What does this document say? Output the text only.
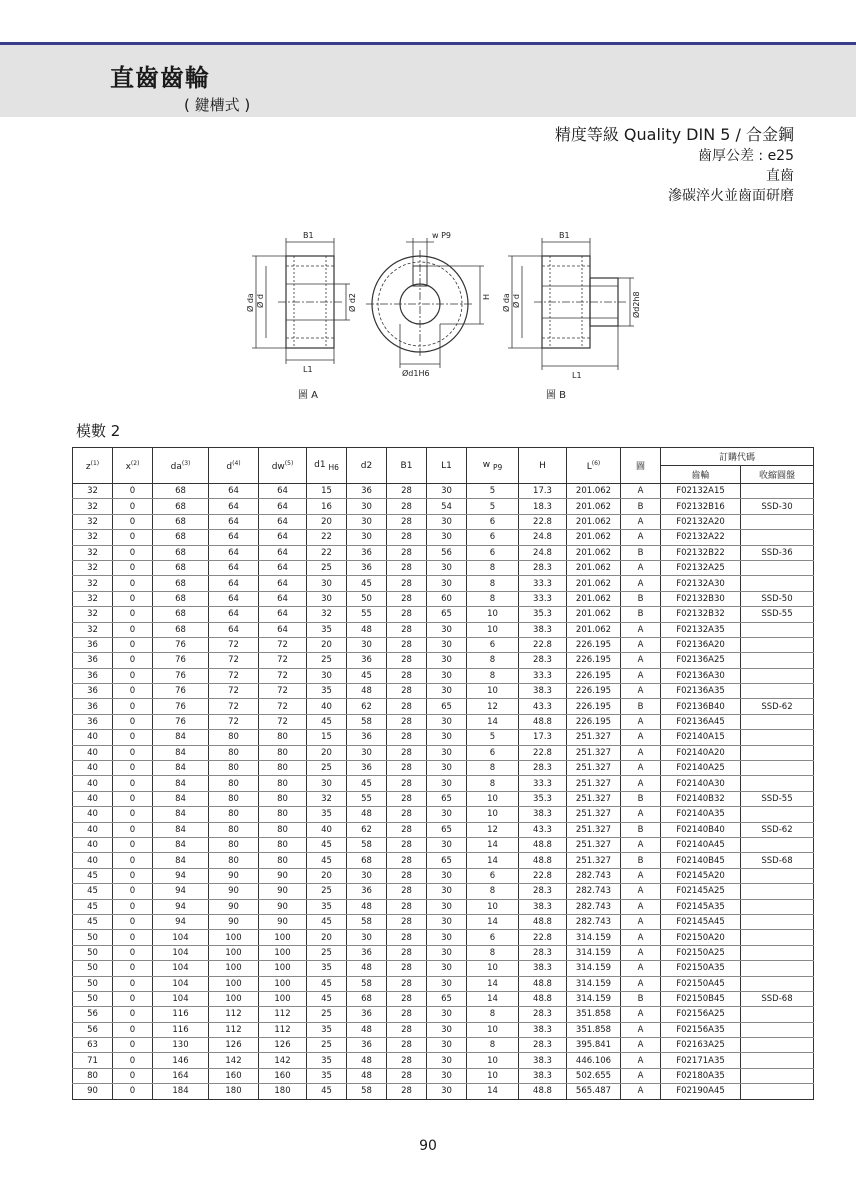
直齒齒輪
( 鍵槽式 )
精度等級 Quality DIN 5 / 合金鋼
齒厚公差 : e25
直齒
滲碳淬火並齒面研磨
B1
L1
Ø da Ø d	Ø d2
w P9
H
Ød1H6
B1
L1
Ø da Ø d	Ød2h8
圖 A	圖 B
模數 2
$z^{(1)}$	$x^{(2)}$	$da^{(3)}$	$d^{(4)}$	$dw^{(5)}$	d1 $_{H6}$	d2	B1	L1	w $_{P9}$	H	$L^{(6)}$	圖	訂購代碼	
													齒輪	收縮圓盤
32	0	68	64	64	15	36	28	30	5	17.3	201.062	A	F02132A15	
32	0	68	64	64	16	30	28	54	5	18.3	201.062	B	F02132B16	SSD-30
32	0	68	64	64	20	30	28	30	6	22.8	201.062	A	F02132A20	
32	0	68	64	64	22	30	28	30	6	24.8	201.062	A	F02132A22	
32	0	68	64	64	22	36	28	56	6	24.8	201.062	B	F02132B22	SSD-36
32	0	68	64	64	25	36	28	30	8	28.3	201.062	A	F02132A25	
32	0	68	64	64	30	45	28	30	8	33.3	201.062	A	F02132A30	
32	0	68	64	64	30	50	28	60	8	33.3	201.062	B	F02132B30	SSD-50
32	0	68	64	64	32	55	28	65	10	35.3	201.062	B	F02132B32	SSD-55
32	0	68	64	64	35	48	28	30	10	38.3	201.062	A	F02132A35	
36	0	76	72	72	20	30	28	30	6	22.8	226.195	A	F02136A20	
36	0	76	72	72	25	36	28	30	8	28.3	226.195	A	F02136A25	
36	0	76	72	72	30	45	28	30	8	33.3	226.195	A	F02136A30	
36	0	76	72	72	35	48	28	30	10	38.3	226.195	A	F02136A35	
36	0	76	72	72	40	62	28	65	12	43.3	226.195	B	F02136B40	SSD-62
36	0	76	72	72	45	58	28	30	14	48.8	226.195	A	F02136A45	
40	0	84	80	80	15	36	28	30	5	17.3	251.327	A	F02140A15	
40	0	84	80	80	20	30	28	30	6	22.8	251.327	A	F02140A20	
40	0	84	80	80	25	36	28	30	8	28.3	251.327	A	F02140A25	
40	0	84	80	80	30	45	28	30	8	33.3	251.327	A	F02140A30	
40	0	84	80	80	32	55	28	65	10	35.3	251.327	B	F02140B32	SSD-55
40	0	84	80	80	35	48	28	30	10	38.3	251.327	A	F02140A35	
40	0	84	80	80	40	62	28	65	12	43.3	251.327	B	F02140B40	SSD-62
40	0	84	80	80	45	58	28	30	14	48.8	251.327	A	F02140A45	
40	0	84	80	80	45	68	28	65	14	48.8	251.327	B	F02140B45	SSD-68
45	0	94	90	90	20	30	28	30	6	22.8	282.743	A	F02145A20	
45	0	94	90	90	25	36	28	30	8	28.3	282.743	A	F02145A25	
45	0	94	90	90	35	48	28	30	10	38.3	282.743	A	F02145A35	
45	0	94	90	90	45	58	28	30	14	48.8	282.743	A	F02145A45	
50	0	104	100	100	20	30	28	30	6	22.8	314.159	A	F02150A20	
50	0	104	100	100	25	36	28	30	8	28.3	314.159	A	F02150A25	
50	0	104	100	100	35	48	28	30	10	38.3	314.159	A	F02150A35	
50	0	104	100	100	45	58	28	30	14	48.8	314.159	A	F02150A45	
50	0	104	100	100	45	68	28	65	14	48.8	314.159	B	F02150B45	SSD-68
56	0	116	112	112	25	36	28	30	8	28.3	351.858	A	F02156A25	
56	0	116	112	112	35	48	28	30	10	38.3	351.858	A	F02156A35	
63	0	130	126	126	25	36	28	30	8	28.3	395.841	A	F02163A25	
71	0	146	142	142	35	48	28	30	10	38.3	446.106	A	F02171A35	
80	0	164	160	160	35	48	28	30	10	38.3	502.655	A	F02180A35	
90	0	184	180	180	45	58	28	30	14	48.8	565.487	A	F02190A45	
90
